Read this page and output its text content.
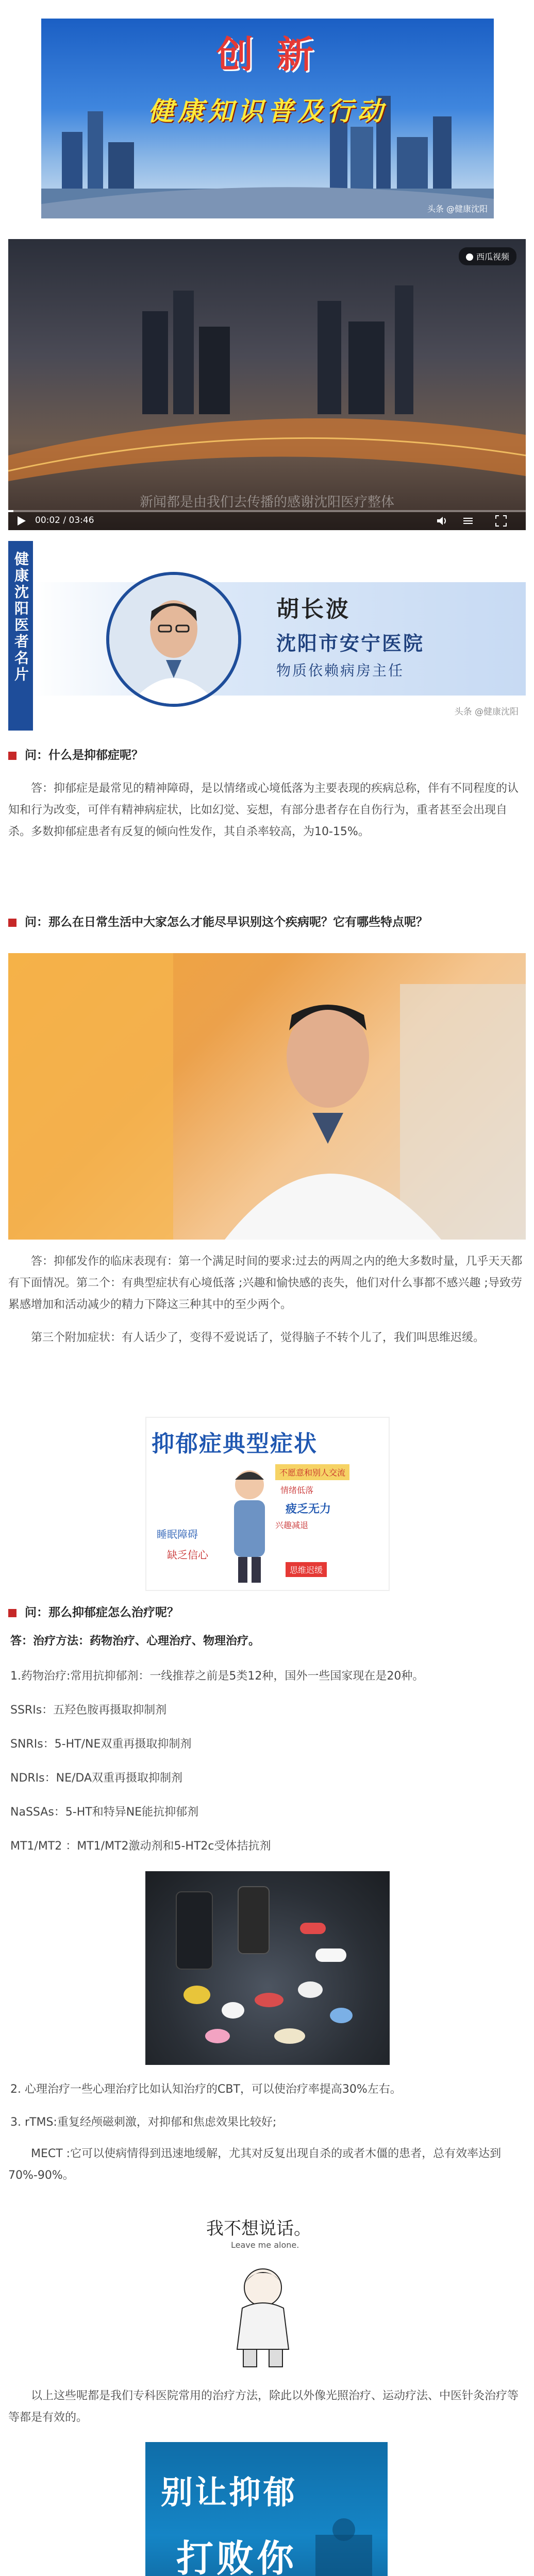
创 新
健康知识普及行动
头条 @健康沈阳
西瓜视频
新闻都是由我们去传播的感谢沈阳医疗整体
00:02 / 03:46
健康沈阳医者名片	胡长波
沈阳市安宁医院
物质依赖病房主任
头条 @健康沈阳
问：什么是抑郁症呢？

答：抑郁症是最常见的精神障碍，是以情绪或心境低落为主要表现的疾病总称，伴有不同程度的认知和行为改变，可伴有精神病症状，比如幻觉、妄想，有部分患者存在自伤行为，重者甚至会出现自杀。多数抑郁症患者有反复的倾向性发作，其自杀率较高，为10-15%。

问：那么在日常生活中大家怎么才能尽早识别这个疾病呢？它有哪些特点呢？

答：抑郁发作的临床表现有：第一个满足时间的要求:过去的两周之内的绝大多数时量，几乎天天都有下面情况。第二个：有典型症状有心境低落 ;兴趣和愉快感的丧失，他们对什么事都不感兴趣 ;导致劳累感增加和活动减少的精力下降这三种其中的至少两个。

第三个附加症状：有人话少了，变得不爱说话了，觉得脑子不转个儿了，我们叫思维迟缓。

抑郁症典型症状
不愿意和别人交流
情绪低落
疲乏无力
兴趣减退
睡眠障碍
缺乏信心
思维迟缓
问：那么抑郁症怎么治疗呢？
答：治疗方法：药物治疗、心理治疗、物理治疗。
1.药物治疗:常用抗抑郁剂：一线推荐之前是5类12种，国外一些国家现在是20种。
SSRIs：五羟色胺再摄取抑制剂
SNRIs：5-HT/NE双重再摄取抑制剂
NDRIs：NE/DA双重再摄取抑制剂
NaSSAs：5-HT和特异NE能抗抑郁剂
MT1/MT2 ：MT1/MT2激动剂和5-HT2c受体拮抗剂
2. 心理治疗一些心理治疗比如认知治疗的CBT，可以使治疗率提高30%左右。
3. rTMS:重复经颅磁刺激，对抑郁和焦虑效果比较好;

MECT :它可以使病情得到迅速地缓解，尤其对反复出现自杀的或者木僵的患者，总有效率达到70%-90%。

我不想说话。
Leave me alone.

以上这些呢都是我们专科医院常用的治疗方法，除此以外像光照治疗、运动疗法、中医针灸治疗等等都是有效的。

别让抑郁
打败你
